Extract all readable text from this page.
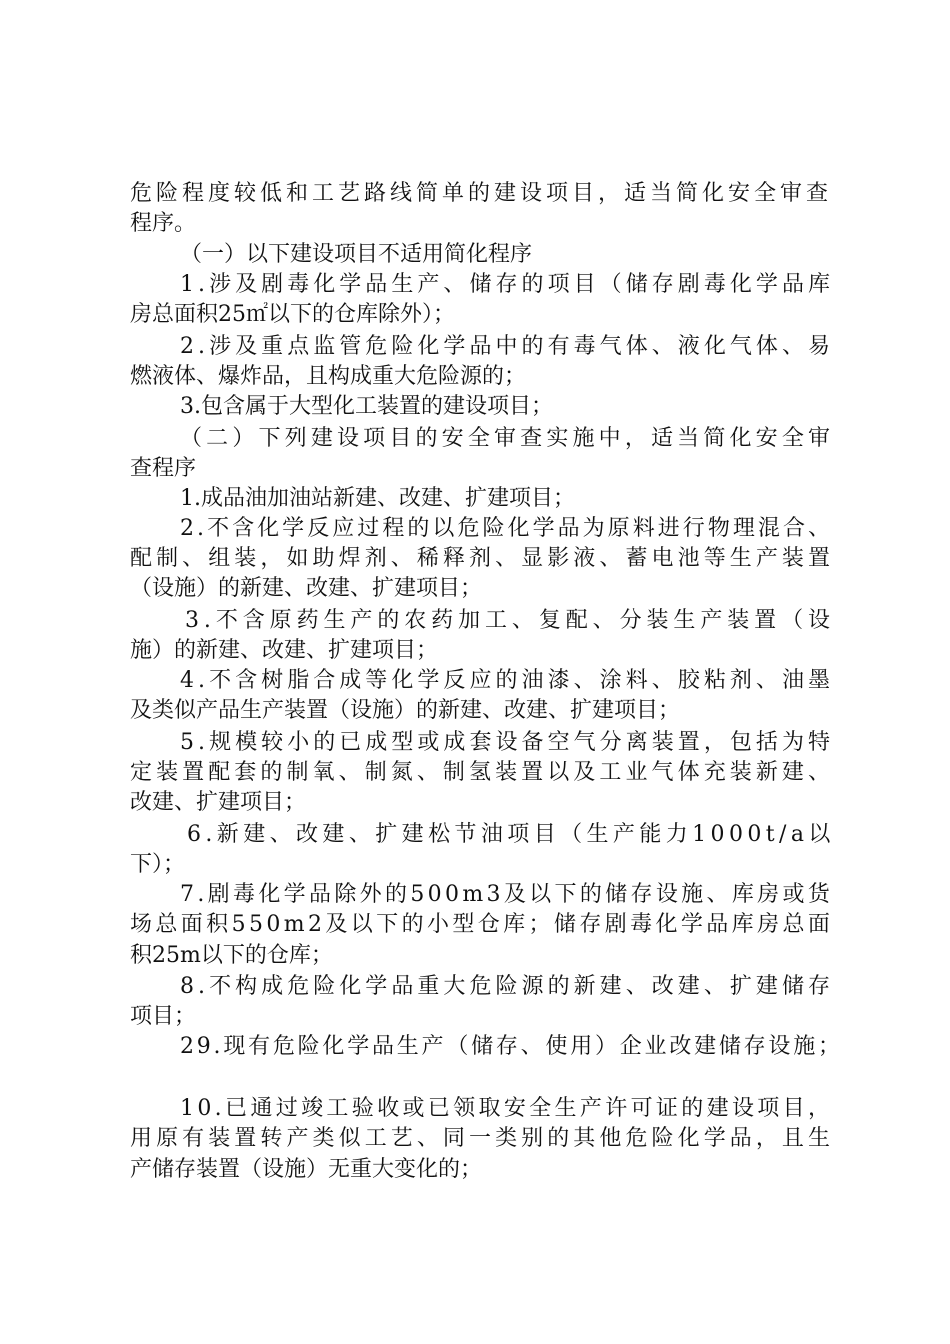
危险程度较低和工艺路线简单的建设项目，适当简化安全审查
程序。
（一）以下建设项目不适用简化程序
1.涉及剧毒化学品生产、储存的项目（储存剧毒化学品库
房总面积25㎡以下的仓库除外）；
2.涉及重点监管危险化学品中的有毒气体、液化气体、易
燃液体、爆炸品，且构成重大危险源的；
3.包含属于大型化工装置的建设项目；
（二）下列建设项目的安全审查实施中，适当简化安全审
查程序
1.成品油加油站新建、改建、扩建项目；
2.不含化学反应过程的以危险化学品为原料进行物理混合、
配制、组装，如助焊剂、稀释剂、显影液、蓄电池等生产装置
（设施）的新建、改建、扩建项目；
3.不含原药生产的农药加工、复配、分装生产装置（设
施）的新建、改建、扩建项目；
4.不含树脂合成等化学反应的油漆、涂料、胶粘剂、油墨
及类似产品生产装置（设施）的新建、改建、扩建项目；
5.规模较小的已成型或成套设备空气分离装置，包括为特
定装置配套的制氧、制氮、制氢装置以及工业气体充装新建、
改建、扩建项目；
6.新建、改建、扩建松节油项目（生产能力1000t/a以
下）；
7.剧毒化学品除外的500m3及以下的储存设施、库房或货
场总面积550m2及以下的小型仓库；储存剧毒化学品库房总面
积25m以下的仓库；
8.不构成危险化学品重大危险源的新建、改建、扩建储存
项目；
29.现有危险化学品生产（储存、使用）企业改建储存设施；
10.已通过竣工验收或已领取安全生产许可证的建设项目，
用原有装置转产类似工艺、同一类别的其他危险化学品，且生
产储存装置（设施）无重大变化的；
